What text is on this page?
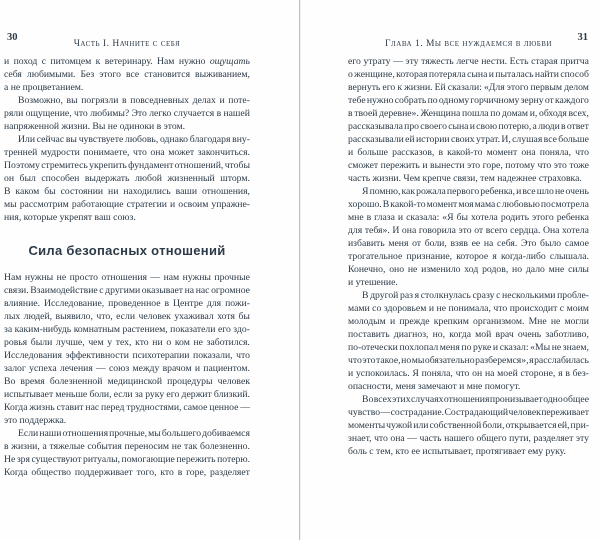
30
Часть I. Начните с себя
и поход с питомцем к ветеринару. Нам нужно ощущать
себя любимыми. Без этого все становится выживанием,
а не процветанием.
Возможно, вы погрязли в повседневных делах и поте-
ряли ощущение, что любимы? Это легко случается в нашей
напряженной жизни. Вы не одиноки в этом.
Или сейчас вы чувствуете любовь, однако благодаря вну-
тренней мудрости понимаете, что она может закончиться.
Поэтому стремитесь укрепить фундамент отношений, чтобы
он был способен выдержать любой жизненный шторм.
В каком бы состоянии ни находились ваши отношения,
мы рассмотрим работающие стратегии и освоим упражне-
ния, которые укрепят ваш союз.
Сила безопасных отношений
Нам нужны не просто отношения — нам нужны прочные
связи. Взаимодействие с другими оказывает на нас огромное
влияние. Исследование, проведенное в Центре для пожи-
лых людей, выявило, что, если человек ухаживал хотя бы
за каким-нибудь комнатным растением, показатели его здо-
ровья были лучше, чем у тех, кто ни о ком не заботился.
Исследования эффективности психотерапии показали, что
залог успеха лечения — союз между врачом и пациентом.
Во время болезненной медицинской процедуры человек
испытывает меньше боли, если за руку его держит близкий.
Когда жизнь ставит нас перед трудностями, самое ценное —
это поддержка.
Если наши отношения прочные, мы большего добиваемся
в жизни, а тяжелые события переносим не так болезненно.
Не зря существуют ритуалы, помогающие пережить потерю.
Когда общество поддерживает того, кто в горе, разделяет
Глава 1. Мы все нуждаемся в любви
31
его утрату — эту тяжесть легче нести. Есть старая притча
о женщине, которая потеряла сына и пыталась найти способ
вернуть его к жизни. Ей сказали: «Для этого первым делом
тебе нужно собрать по одному горчичному зерну от каждого
в твоей деревне». Женщина пошла по домам и, обходя всех,
рассказывала про своего сына и свою потерю, а люди в ответ
рассказывали ей истории своих утрат. И, слушая все больше
и больше рассказов, в какой-то момент она поняла, что
сможет пережить и вынести это горе, потому что это тоже
часть жизни. Чем крепче связи, тем надежнее страховка.
Я помню, как рожала первого ребенка, и все шло не очень
хорошо. В какой-то момент моя мама с любовью посмотрела
мне в глаза и сказала: «Я бы хотела родить этого ребенка
для тебя». И она говорила это от всего сердца. Она хотела
избавить меня от боли, взяв ее на себя. Это было самое
трогательное признание, которое я когда-либо слышала.
Конечно, оно не изменило ход родов, но дало мне силы
и утешение.
В другой раз я столкнулась сразу с несколькими пробле-
мами со здоровьем и не понимала, что происходит с моим
молодым и прежде крепким организмом. Мне не могли
поставить диагноз, но, когда мой врач очень заботливо,
по-отечески похлопал меня по руке и сказал: «Мы не знаем,
что это такое, но мы обязательно разберемся», я расслабилась
и успокоилась. Я поняла, что он на моей стороне, я в без-
опасности, меня замечают и мне помогут.
Во всех этих случаях отношения пронизывает одно общее
чувство — сострадание. Сострадающий человек переживает
моменты чужой или собственной боли, открывается ей, при-
знает, что она — часть нашего общего пути, разделяет эту
боль с тем, кто ее испытывает, протягивает ему руку.
